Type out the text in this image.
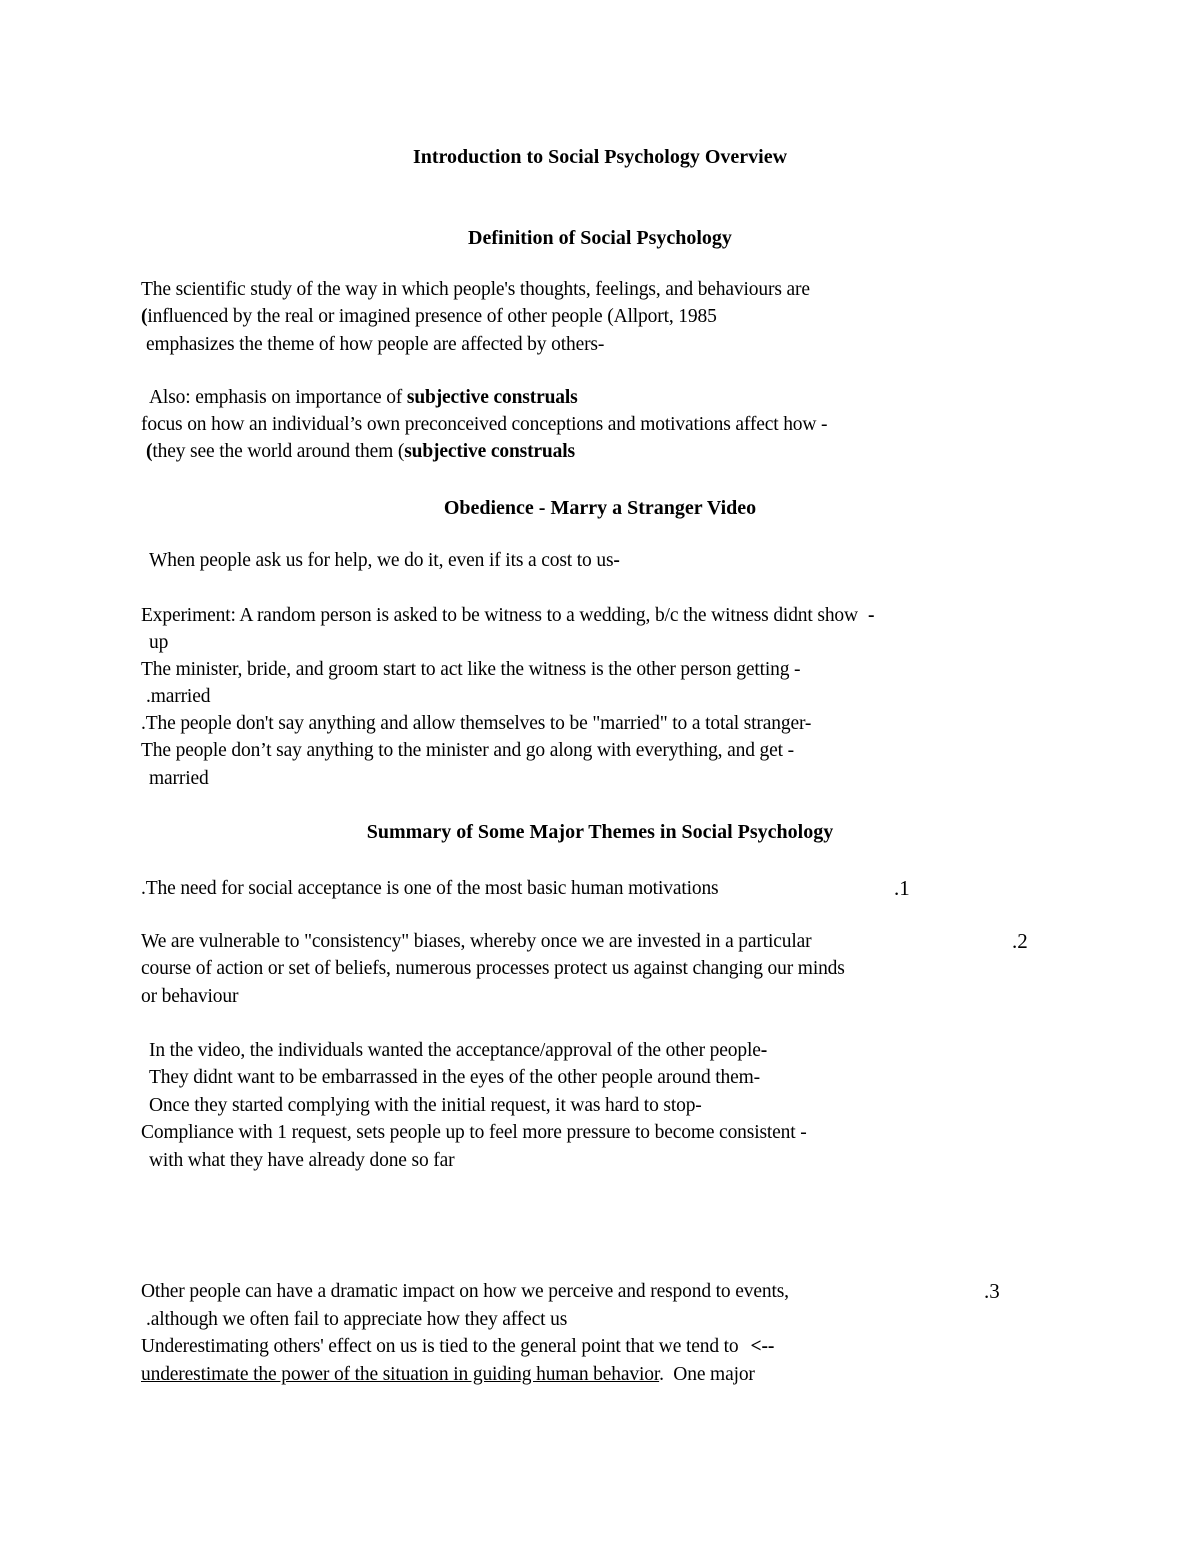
Introduction to Social Psychology Overview
Definition of Social Psychology
The scientific study of the way in which people's thoughts, feelings, and behaviours are
(influenced by the real or imagined presence of other people (Allport, 1985
emphasizes the theme of how people are affected by others-
Also: emphasis on importance of subjective construals
focus on how an individual’s own preconceived conceptions and motivations affect how -
(they see the world around them (subjective construals
Obedience - Marry a Stranger Video
When people ask us for help, we do it, even if its a cost to us-
Experiment: A random person is asked to be witness to a wedding, b/c the witness didnt show -
up
The minister, bride, and groom start to act like the witness is the other person getting -
.married
.The people don't say anything and allow themselves to be "married" to a total stranger-
The people don’t say anything to the minister and go along with everything, and get -
married
Summary of Some Major Themes in Social Psychology
.The need for social acceptance is one of the most basic human motivations	.1
We are vulnerable to "consistency" biases, whereby once we are invested in a particular	.2
course of action or set of beliefs, numerous processes protect us against changing our minds
or behaviour
In the video, the individuals wanted the acceptance/approval of the other people-
They didnt want to be embarrassed in the eyes of the other people around them-
Once they started complying with the initial request, it was hard to stop-
Compliance with 1 request, sets people up to feel more pressure to become consistent -
with what they have already done so far
Other people can have a dramatic impact on how we perceive and respond to events,	.3
.although we often fail to appreciate how they affect us
Underestimating others' effect on us is tied to the general point that we tend to <--
underestimate the power of the situation in guiding human behavior.  One major
